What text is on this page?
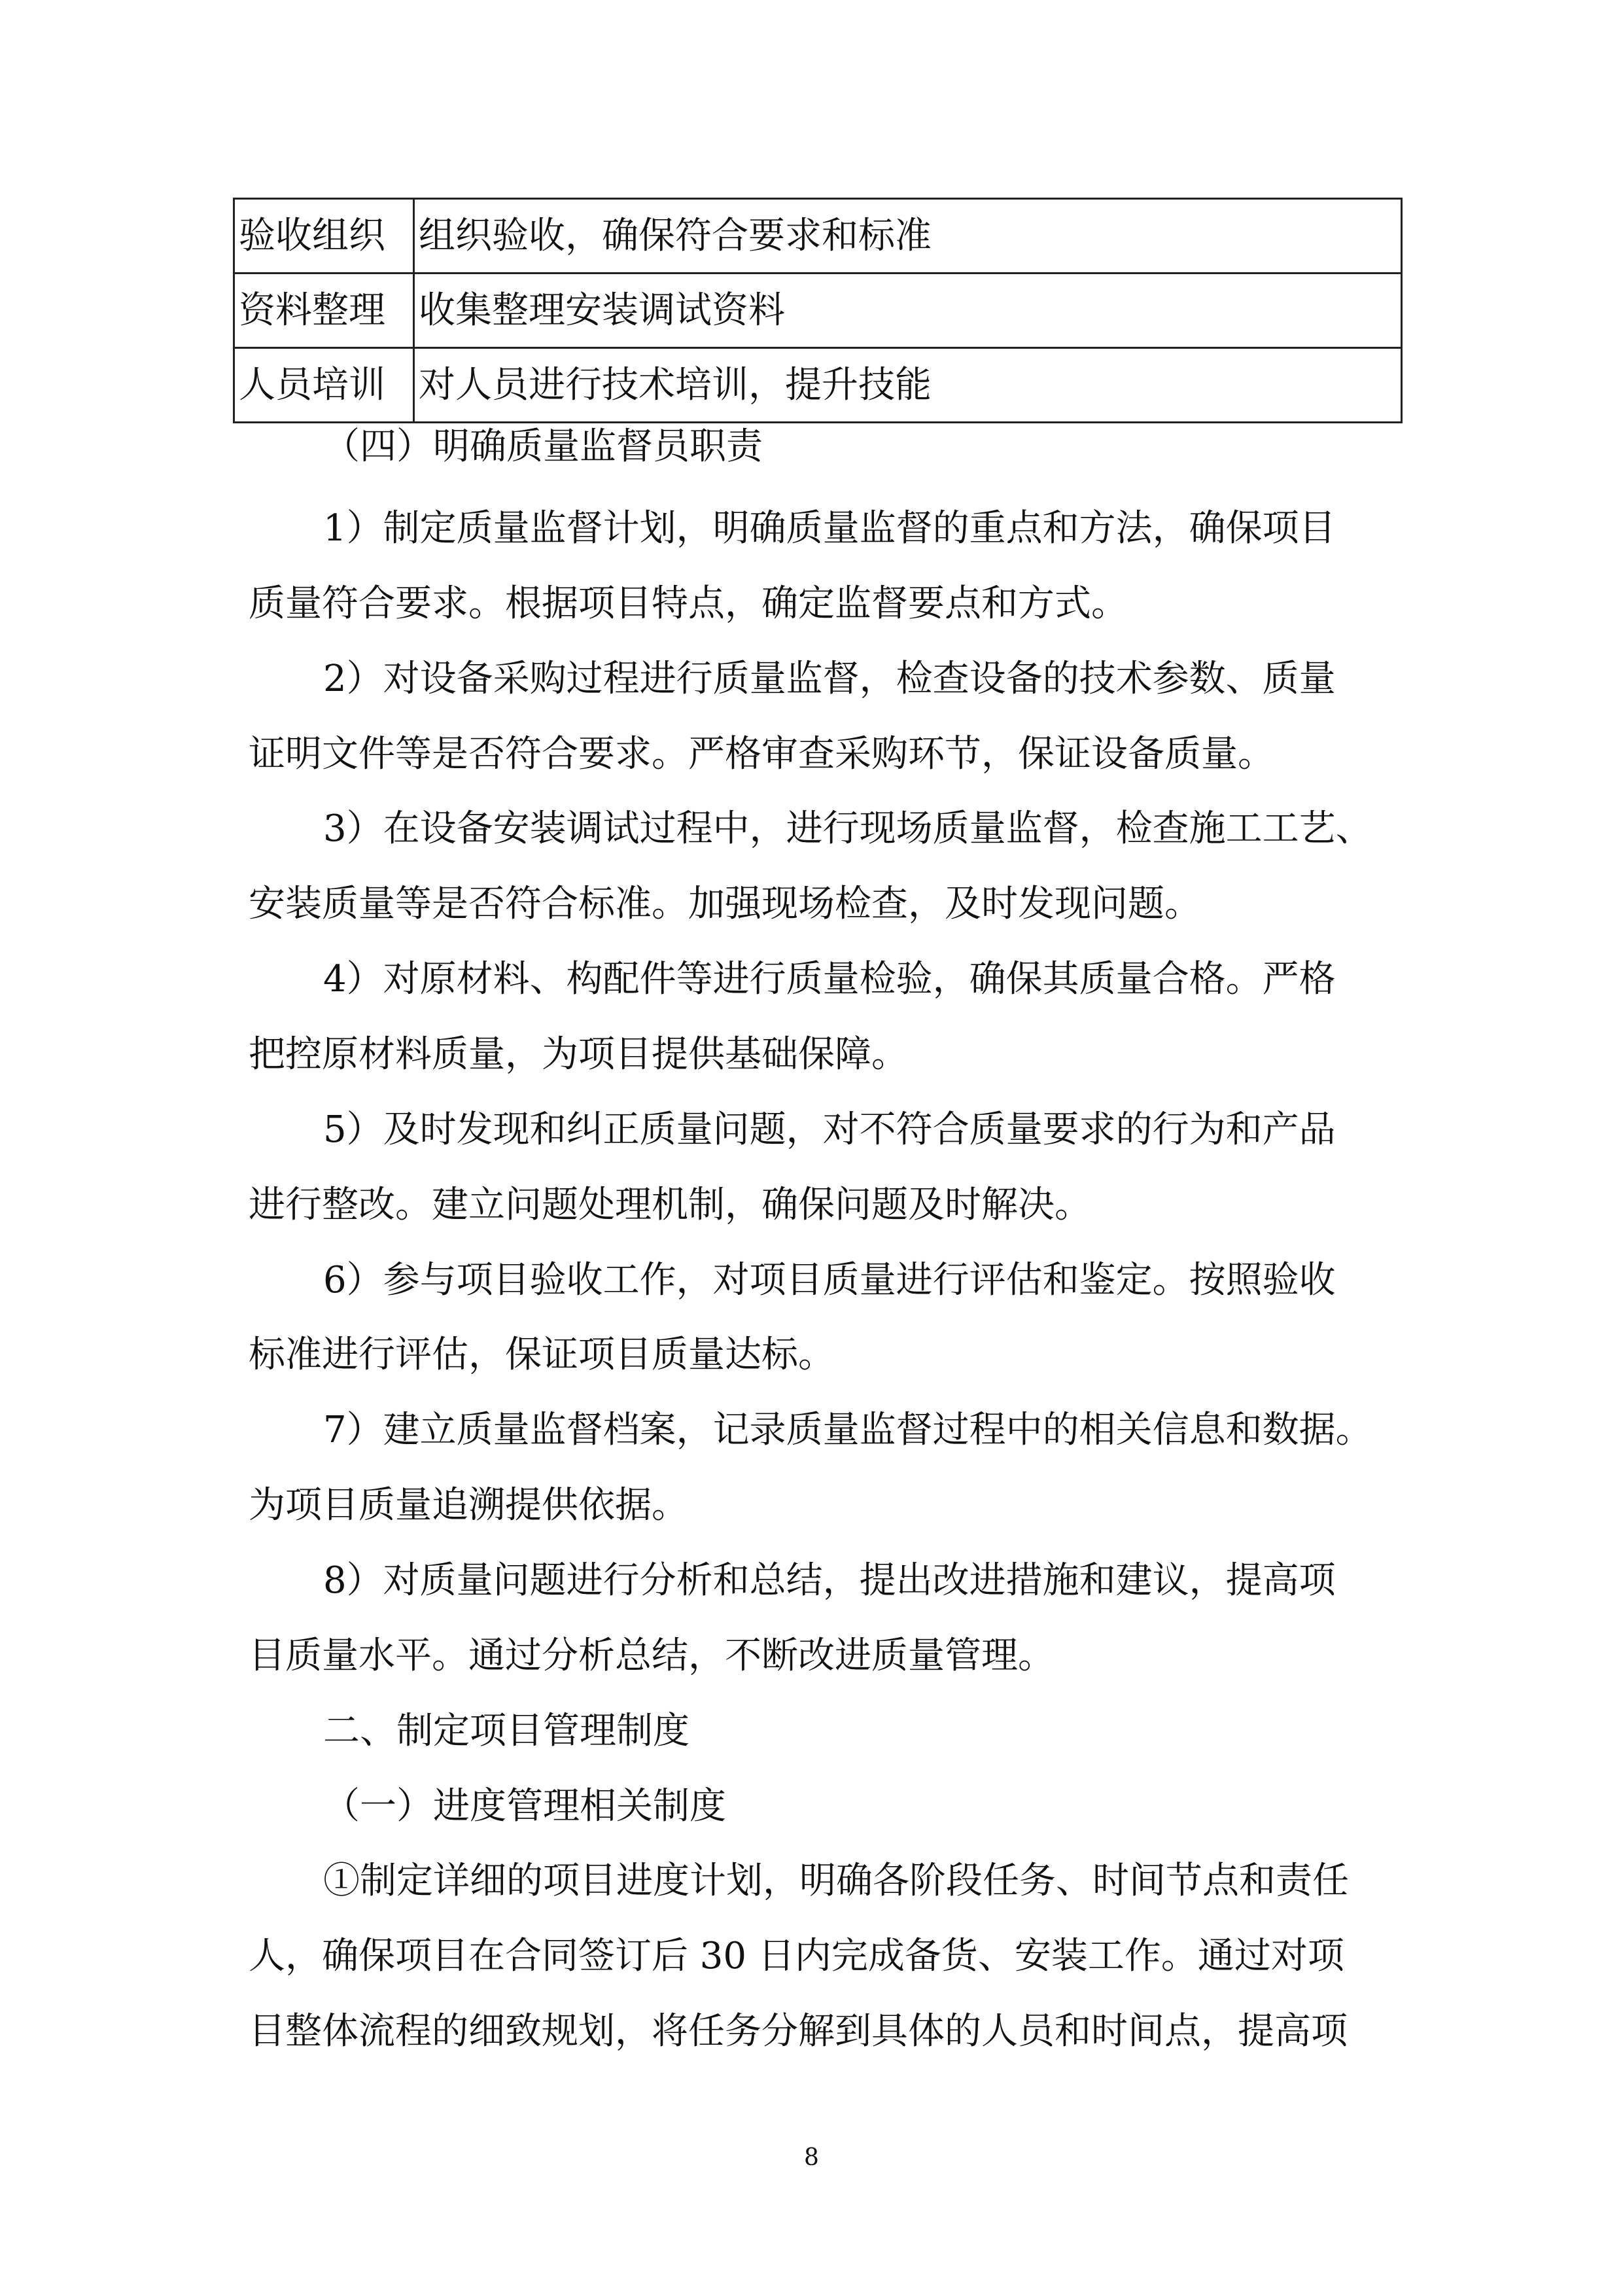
验收组织	组织验收，确保符合要求和标准
资料整理	收集整理安装调试资料
人员培训	对人员进行技术培训，提升技能
（四）明确质量监督员职责
1）制定质量监督计划，明确质量监督的重点和方法，确保项目
质量符合要求。根据项目特点，确定监督要点和方式。
2）对设备采购过程进行质量监督，检查设备的技术参数、质量
证明文件等是否符合要求。严格审查采购环节，保证设备质量。
3）在设备安装调试过程中，进行现场质量监督，检查施工工艺、
安装质量等是否符合标准。加强现场检查，及时发现问题。
4）对原材料、构配件等进行质量检验，确保其质量合格。严格
把控原材料质量，为项目提供基础保障。
5）及时发现和纠正质量问题，对不符合质量要求的行为和产品
进行整改。建立问题处理机制，确保问题及时解决。
6）参与项目验收工作，对项目质量进行评估和鉴定。按照验收
标准进行评估，保证项目质量达标。
7）建立质量监督档案，记录质量监督过程中的相关信息和数据。
为项目质量追溯提供依据。
8）对质量问题进行分析和总结，提出改进措施和建议，提高项
目质量水平。通过分析总结，不断改进质量管理。
二、制定项目管理制度
（一）进度管理相关制度
①制定详细的项目进度计划，明确各阶段任务、时间节点和责任
人，确保项目在合同签订后 30 日内完成备货、安装工作。通过对项
目整体流程的细致规划，将任务分解到具体的人员和时间点，提高项
8
